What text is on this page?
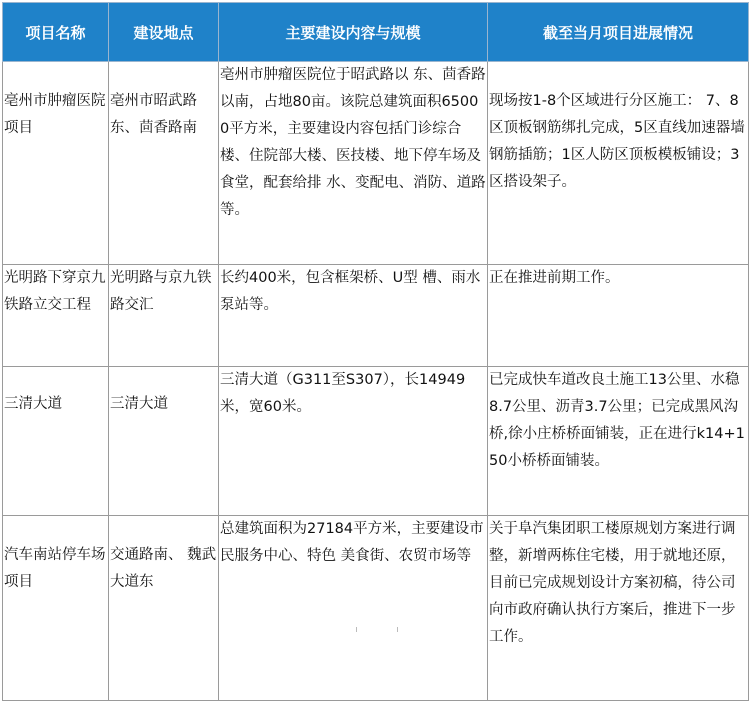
项目名称	建设地点	主要建设内容与规模	截至当月项目进展情况
亳州市肿瘤医院项目	亳州市昭武路东、茴香路南	亳州市肿瘤医院位于昭武路以 东、茴香路以南，占地80亩。该院总建筑面积65000平方米，主要建设内容包括门诊综合楼、住院部大楼、医技楼、地下停车场及食堂，配套给排 水、变配电、消防、道路等。	现场按1-8个区域进行分区施工： 7、8区顶板钢筋绑扎完成，5区直线加速器墙钢筋插筋；1区人防区顶板模板铺设；3区搭设架子。
光明路下穿京九铁路立交工程	光明路与京九铁路交汇	长约400米，包含框架桥、U型 槽、雨水泵站等。	正在推进前期工作。
三清大道	三清大道	三清大道（G311至S307），长14949米，宽60米。	已完成快车道改良土施工13公里、水稳8.7公里、沥青3.7公里；已完成黑风沟桥,徐小庄桥桥面铺装，正在进行k14+150小桥桥面铺装。
汽车南站停车场项目	交通路南、 魏武大道东	总建筑面积为27184平方米，主要建设市民服务中心、特色 美食街、农贸市场等	关于阜汽集团职工楼原规划方案进行调整，新增两栋住宅楼，用于就地还原，目前已完成规划设计方案初稿，待公司向市政府确认执行方案后，推进下一步工作。
